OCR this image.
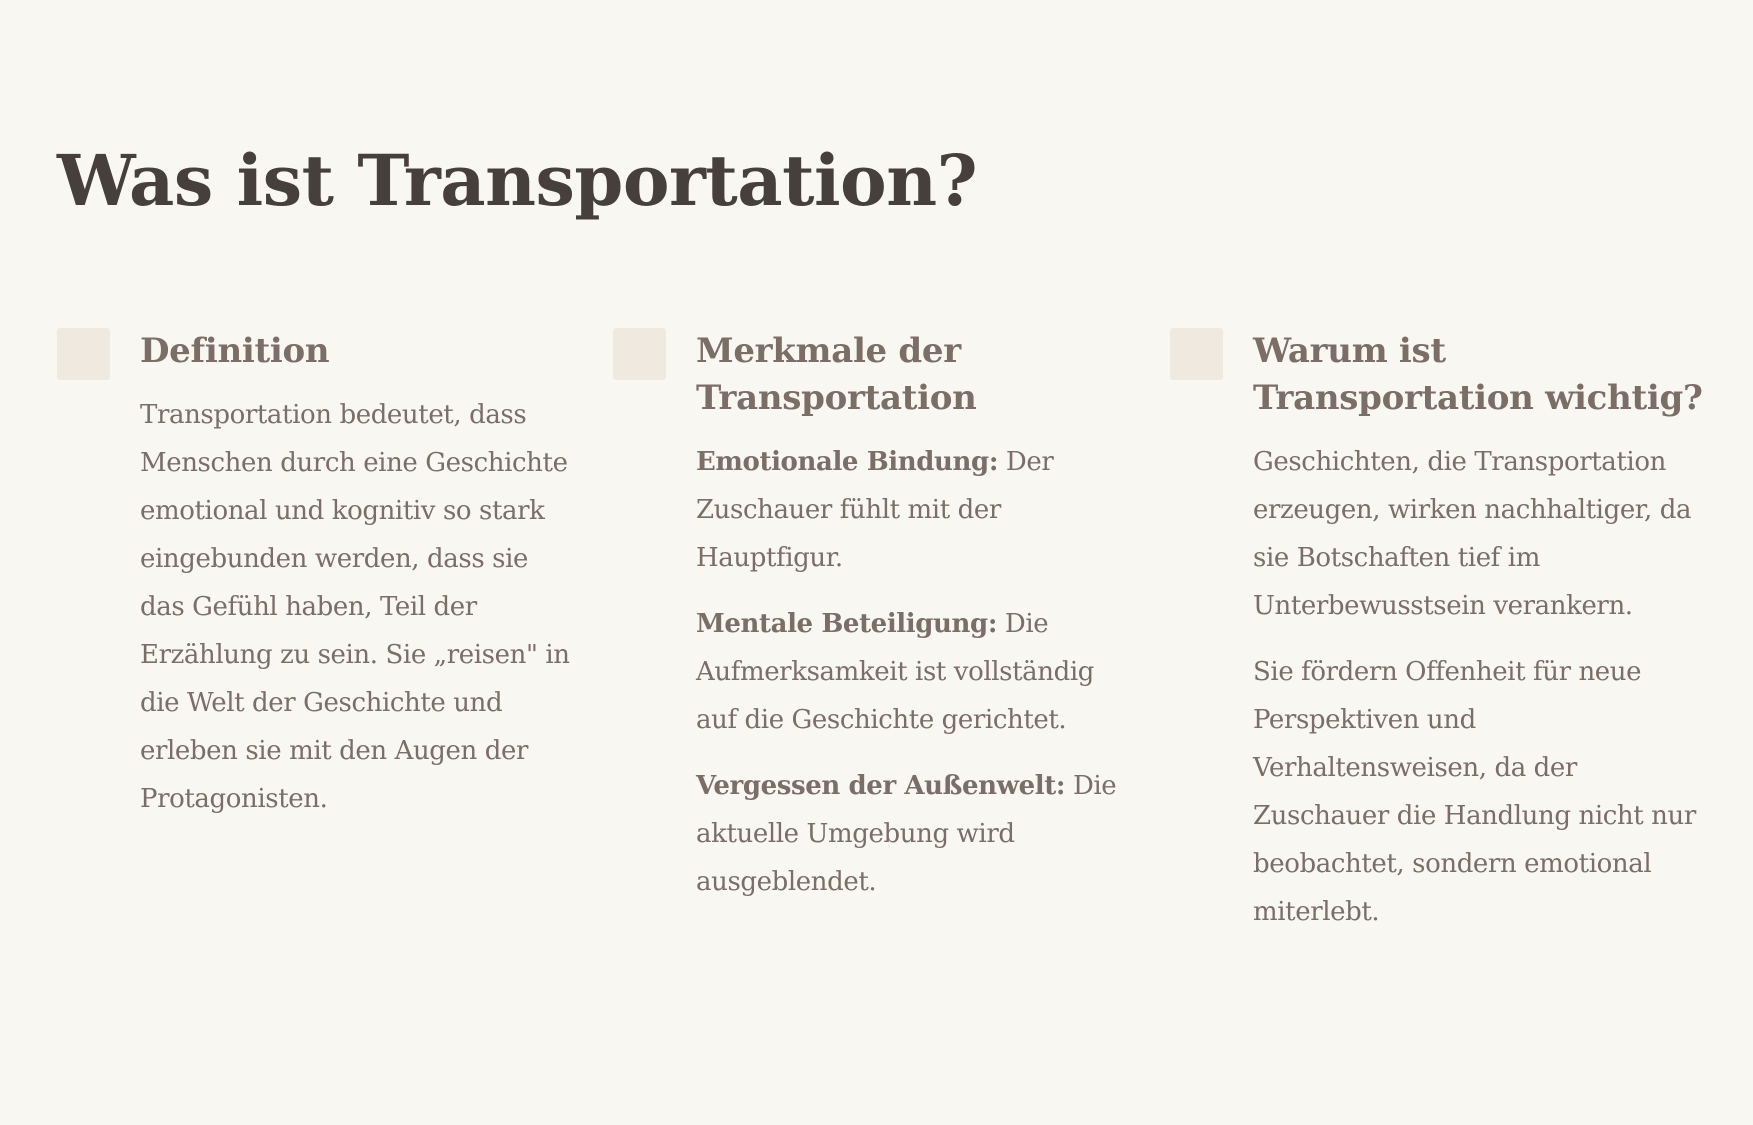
Was ist Transportation?
Definition

Transportation bedeutet, dass Menschen durch eine Geschichte emotional und kognitiv so stark eingebunden werden, dass sie das Gefühl haben, Teil der Erzählung zu sein. Sie „reisen" in die Welt der Geschichte und erleben sie mit den Augen der Protagonisten.

Merkmale der Transportation
Emotionale Bindung: Der Zuschauer fühlt mit der Hauptfigur.
Mentale Beteiligung: Die Aufmerksamkeit ist vollständig auf die Geschichte gerichtet.
Vergessen der Außenwelt: Die aktuelle Umgebung wird ausgeblendet.
Warum ist Transportation wichtig?

Geschichten, die Transportation erzeugen, wirken nachhaltiger, da sie Botschaften tief im Unterbewusstsein verankern.

Sie fördern Offenheit für neue Perspektiven und Verhaltensweisen, da der Zuschauer die Handlung nicht nur beobachtet, sondern emotional miterlebt.
